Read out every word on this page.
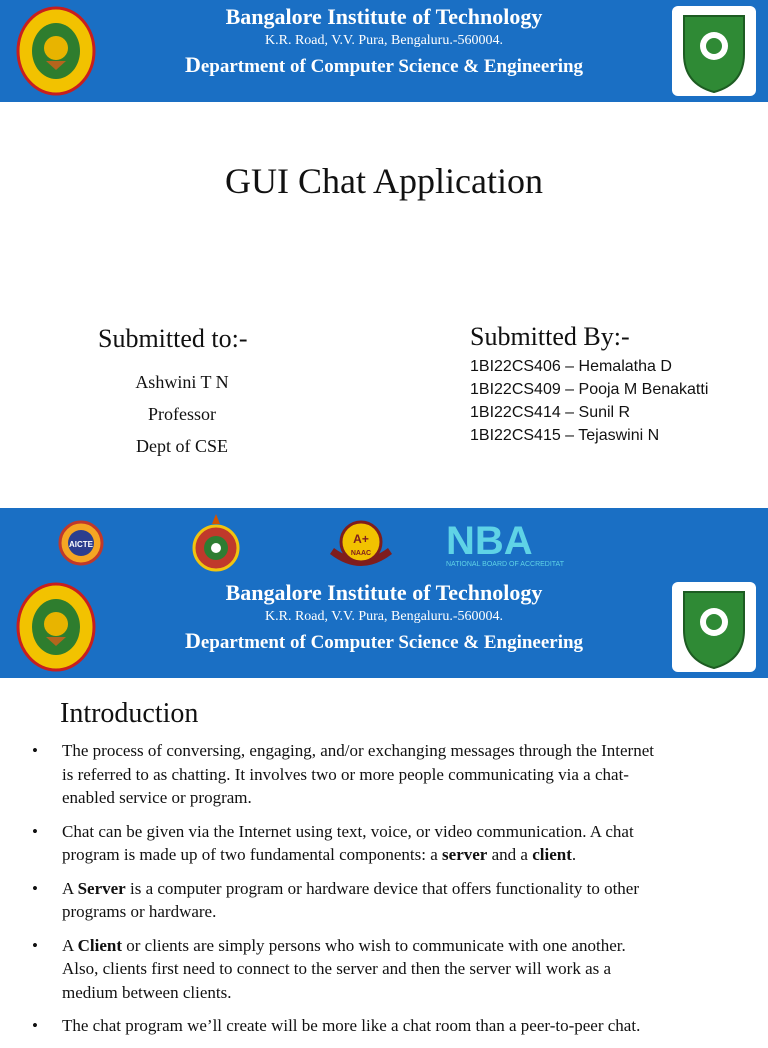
Bangalore Institute of Technology
K.R. Road, V.V. Pura, Bengaluru.-560004.
Department of Computer Science & Engineering
GUI Chat Application
Submitted to:-
Ashwini T N
Professor
Dept of CSE
Submitted By:-
1BI22CS406 – Hemalatha D
1BI22CS409 – Pooja M Benakatti
1BI22CS414 – Sunil R
1BI22CS415 – Tejaswini N
AICTE	A+
NAAC NBA
NATIONAL BOARD OF ACCREDITATION
Bangalore Institute of Technology
K.R. Road, V.V. Pura, Bengaluru.-560004.
Department of Computer Science & Engineering
Introduction
• The process of conversing, engaging, and/or exchanging messages through the Internet
is referred to as chatting. It involves two or more people communicating via a chat-
enabled service or program.
• Chat can be given via the Internet using text, voice, or video communication. A chat
program is made up of two fundamental components: a server and a client.
• A Server is a computer program or hardware device that offers functionality to other
programs or hardware.
• A Client or clients are simply persons who wish to communicate with one another.
Also, clients first need to connect to the server and then the server will work as a
medium between clients.
• The chat program we’ll create will be more like a chat room than a peer-to-peer chat.
